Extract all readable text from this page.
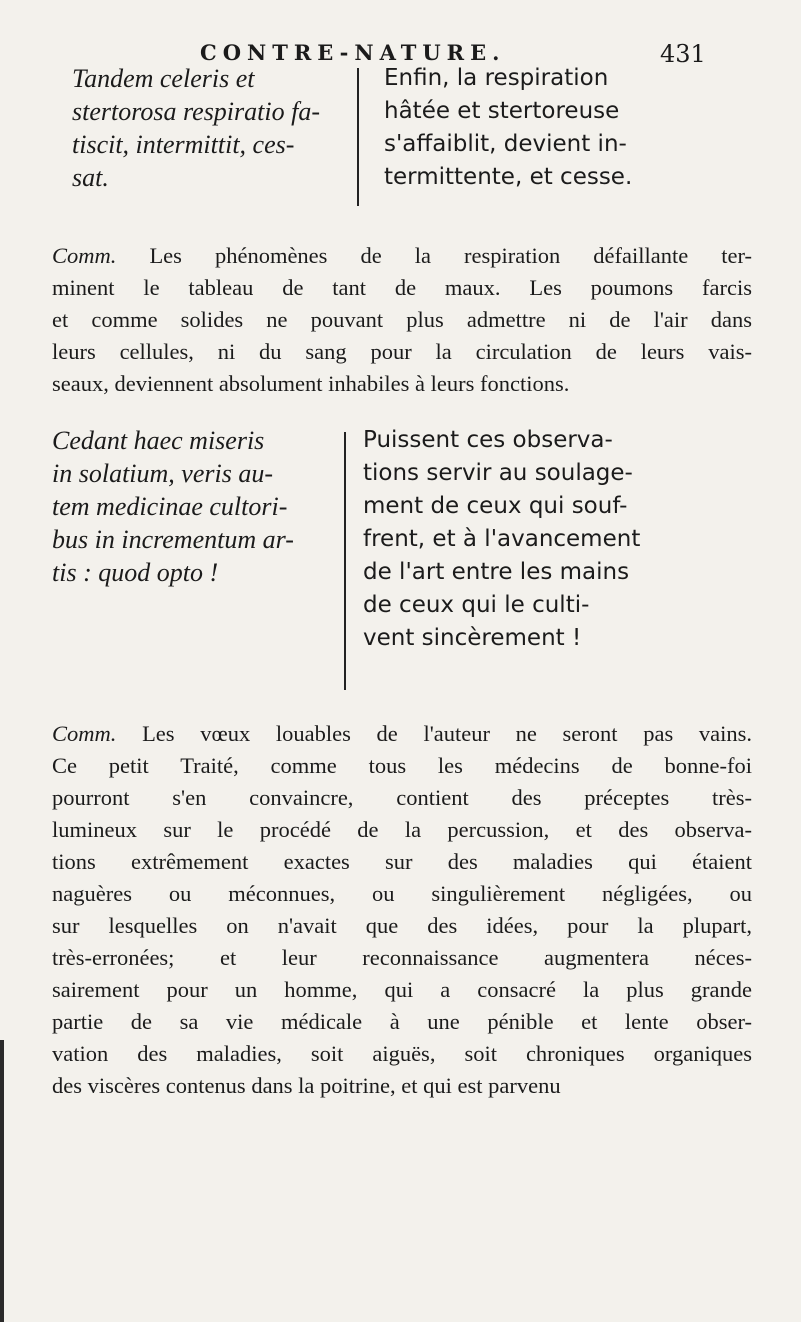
CONTRE-NATURE.	431
Tandem celeris et
stertorosa respiratio fa-
tiscit, intermittit, ces-
sat.
Enfin, la respiration
hâtée et stertoreuse
s'affaiblit, devient in-
termittente, et cesse.
Comm. Les phénomènes de la respiration défaillante ter-
minent le tableau de tant de maux. Les poumons farcis
et comme solides ne pouvant plus admettre ni de l'air dans
leurs cellules, ni du sang pour la circulation de leurs vais-
seaux, deviennent absolument inhabiles à leurs fonctions.
Cedant haec miseris
in solatium, veris au-
tem medicinae cultori-
bus in incrementum ar-
tis : quod opto !
Puissent ces observa-
tions servir au soulage-
ment de ceux qui souf-
frent, et à l'avancement
de l'art entre les mains
de ceux qui le culti-
vent sincèrement !
Comm. Les vœux louables de l'auteur ne seront pas vains.
Ce petit Traité, comme tous les médecins de bonne-foi
pourront s'en convaincre, contient des préceptes très-
lumineux sur le procédé de la percussion, et des observa-
tions extrêmement exactes sur des maladies qui étaient
naguères ou méconnues, ou singulièrement négligées, ou
sur lesquelles on n'avait que des idées, pour la plupart,
très-erronées; et leur reconnaissance augmentera néces-
sairement pour un homme, qui a consacré la plus grande
partie de sa vie médicale à une pénible et lente obser-
vation des maladies, soit aiguës, soit chroniques organiques
des viscères contenus dans la poitrine, et qui est parvenu
